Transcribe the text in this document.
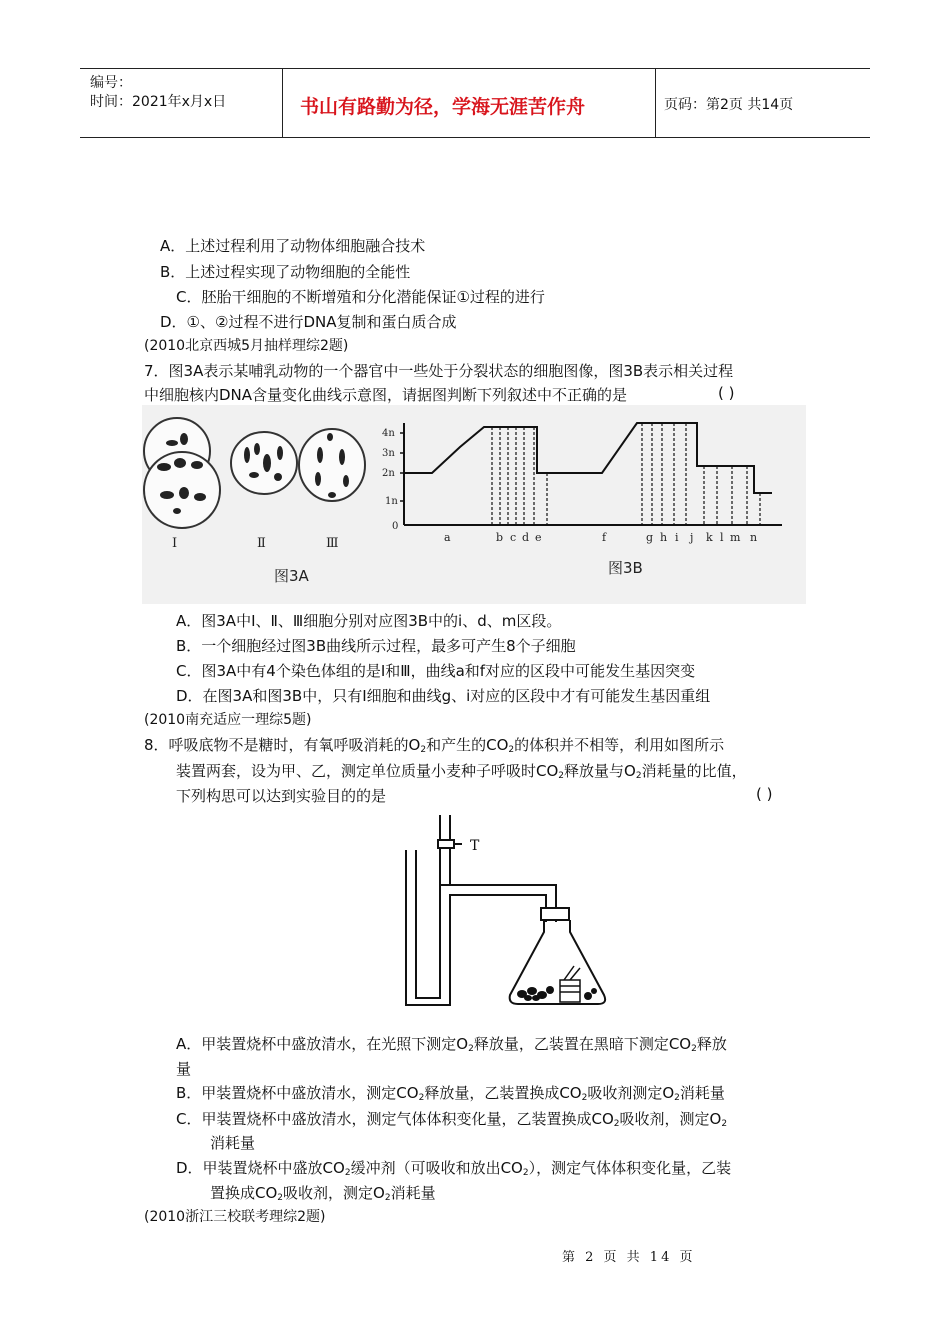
编号：
时间：2021年x月x日	书山有路勤为径，学海无涯苦作舟	页码：第2页 共14页
A．上述过程利用了动物体细胞融合技术
B．上述过程实现了动物细胞的全能性
C．胚胎干细胞的不断增殖和分化潜能保证①过程的进行
D．①、②过程不进行DNA复制和蛋白质合成
(2010北京西城5月抽样理综2题)
7．图3A表示某哺乳动物的一个器官中一些处于分裂状态的细胞图像，图3B表示相关过程
中细胞核内DNA含量变化曲线示意图，请据图判断下列叙述中不正确的是	( )
Ⅰ	Ⅱ	Ⅲ
图3A
4n
3n
2n
1n
0
a	b c d e	f	g h i j k l m n
图3B
A．图3A中Ⅰ、Ⅱ、Ⅲ细胞分别对应图3B中的i、d、m区段。
B．一个细胞经过图3B曲线所示过程，最多可产生8个子细胞
C．图3A中有4个染色体组的是Ⅰ和Ⅲ，曲线a和f对应的区段中可能发生基因突变
D．在图3A和图3B中，只有Ⅰ细胞和曲线g、i对应的区段中才有可能发生基因重组
(2010南充适应一理综5题)
8．呼吸底物不是糖时，有氧呼吸消耗的$O_2$和产生的$CO_2$的体积并不相等，利用如图所示
装置两套，设为甲、乙，测定单位质量小麦种子呼吸时$CO_2$释放量与$O_2$消耗量的比值，
下列构思可以达到实验目的的是	( )
T
A．甲装置烧杯中盛放清水，在光照下测定$O_2$释放量，乙装置在黑暗下测定$CO_2$释放
量
B．甲装置烧杯中盛放清水，测定$CO_2$释放量，乙装置换成$CO_2$吸收剂测定$O_2$消耗量
C．甲装置烧杯中盛放清水，测定气体体积变化量，乙装置换成$CO_2$吸收剂，测定$O_2$
消耗量
D．甲装置烧杯中盛放$CO_2$缓冲剂（可吸收和放出$CO_2$），测定气体体积变化量，乙装
置换成$CO_2$吸收剂，测定$O_2$消耗量
(2010浙江三校联考理综2题)
第 2 页 共 14 页
